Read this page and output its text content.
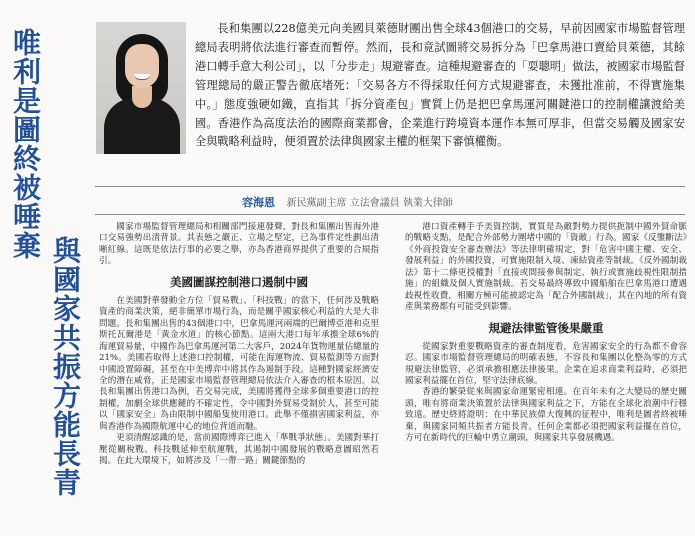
唯利是圖終被唾棄
與國家共振方能長青

長和集團以228億美元向美國貝萊德財團出售全球43個港口的交易，早前因國家市場監督管理總局表明將依法進行審查而暫停。然而，長和竟試圖將交易拆分為「巴拿馬港口賣給貝萊德，其餘港口轉手意大利公司」，以「分步走」規避審查。這種規避審查的「耍聰明」做法，被國家市場監督管理總局的嚴正警告徹底堵死：「交易各方不得採取任何方式規避審查，未獲批准前，不得實施集中。」態度強硬如鐵，直指其「拆分資產包」實質上仍是把巴拿馬運河關鍵港口的控制權讓渡給美國。香港作為高度法治的國際商業都會，企業進行跨境資本運作本無可厚非，但當交易觸及國家安全與戰略利益時，便須置於法律與國家主權的框架下審慎權衡。

容海恩 新民黨副主席 立法會議員 執業大律師

國家市場監督管理總局和相關部門接連發聲，對長和集團出售海外港口交易強勢出清背景。其表態之嚴正、立場之堅定，已為事件定性劃出清晰紅線。這既是依法行事的必要之舉，亦為香港商界提供了重要的合規指引。

美國圖謀控制港口遏制中國

在美國對華發動全方位「貿易戰」、「科技戰」的當下，任何涉及戰略資產的商業決策，絕非簡單市場行為，而是關乎國家核心利益的大是大非問題。長和集團出售的43個港口中，巴拿馬運河兩端的巴爾博亞港和克里斯托瓦爾港是「黃金水道」的核心節點。這兩大港口每年承擔全球6%的海運貿易量，中國作為巴拿馬運河第二大客戶，2024年貨物運量佔總量的21%。美國若取得上述港口控制權，可能在海運物流、貿易監測等方面對中國設置障礙，甚至在中美博弈中將其作為遏制手段。這種對國家經濟安全的潛在威脅，正是國家市場監督管理總局依法介入審查的根本原因。以長和集團出售港口為例，若交易完成，美國將獲得全球多個重要港口的控制權，加劇全球供應鏈的不確定性，令中國對外貿易受制於人，甚至可能以「國家安全」為由限制中國船隻使用港口。此舉不僅損害國家利益，亦與香港作為國際航運中心的地位背道而馳。

更須清醒認識的是，當前國際博弈已進入「準戰爭狀態」。美國對華打壓從關稅戰、科技戰延伸至航運戰，其遏制中國發展的戰略意圖昭然若揭。在此大環境下，如將涉及「一帶一路」關鍵節點的

港口資產轉手予美資控制，實質是為敵對勢力提供扼制中國外貿命脈的戰略支點，是配合外部勢力圍堵中國的「資敵」行為。國家《反壟斷法》《外商投資安全審查辦法》等法律明確規定，對「危害中國主權、安全、發展利益」的外國投資，可實施限制入境、凍結資產等制裁。《反外國制裁法》第十二條更授權對「直接或間接參與制定、執行或實施歧視性限制措施」的組織及個人實施制裁。若交易最終導致中國船舶在巴拿馬港口遭遇歧視性收費，相關方極可能被認定為「配合外國制裁」，其在內地的所有資產與業務都有可能受到影響。

規避法律監管後果嚴重

從國家對重要戰略資產的審查制度看，危害國家安全的行為都不會容忍。國家市場監督管理總局的明確表態，不容長和集團以化整為零的方式規避法律監管，必須承擔相應法律後果。企業在追求商業利益時，必須把國家利益擺在首位，堅守法律底線。

香港的繁榮從來與國家命運緊密相連。在百年未有之大變局的歷史關頭，唯有將商業決策置於法律與國家利益之下，方能在全球化浪潮中行穩致遠。歷史終將證明：在中華民族偉大復興的征程中，唯利是圖者終被唾棄，與國家同頻共振者方能長青。任何企業都必須把國家利益擺在首位，方可在新時代的巨輪中勇立潮頭，與國家共享發展機遇。
